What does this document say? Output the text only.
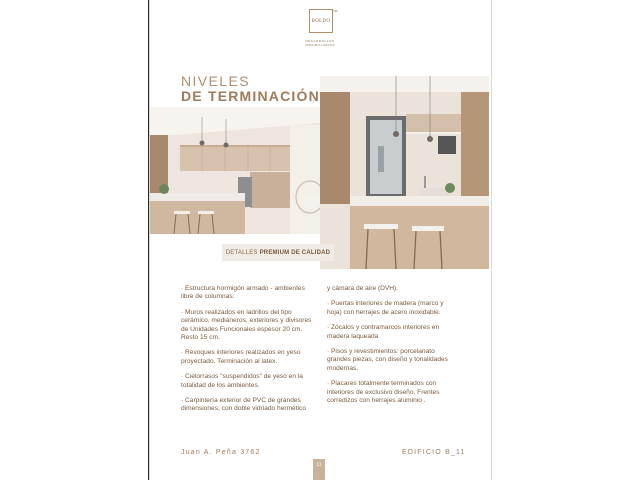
BOLDO
TM
DESARROLLOS INMOBILIARIOS
NIVELES
DE TERMINACIÓN
DETALLES PREMIUM DE CALIDAD

· Estructura hormigón armado - ambientes libre de columnas.

· Muros realizados en ladrillos del tipo cerámico, medianeros, exteriores y divisores de Unidades Funcionales espesor 20 cm. Resto 15 cm.

· Revoques interiores realizados en yeso proyectado. Terminación al latex.

· Cielorrasos "suspendidos" de yeso en la totalidad de los ambientes.

· Carpintería exterior de PVC de grandes dimensiones, con doble vidriado hermético

y cámara de aire (DVH).

· Puertas interiores de madera (marco y hoja) con herrajes de acero inoxidable.

· Zócalos y contramarcos interiores en madera laqueada

· Pisos y revestimientos: porcelanato grandes piezas, con diseño y tonalidades modernas.

· Placares totalmente terminados con interiores de exclusivo diseño. Frentes corredizos con herrajes aluminio .

Juan A. Peña 3762	EDIFICIO B_11
11
